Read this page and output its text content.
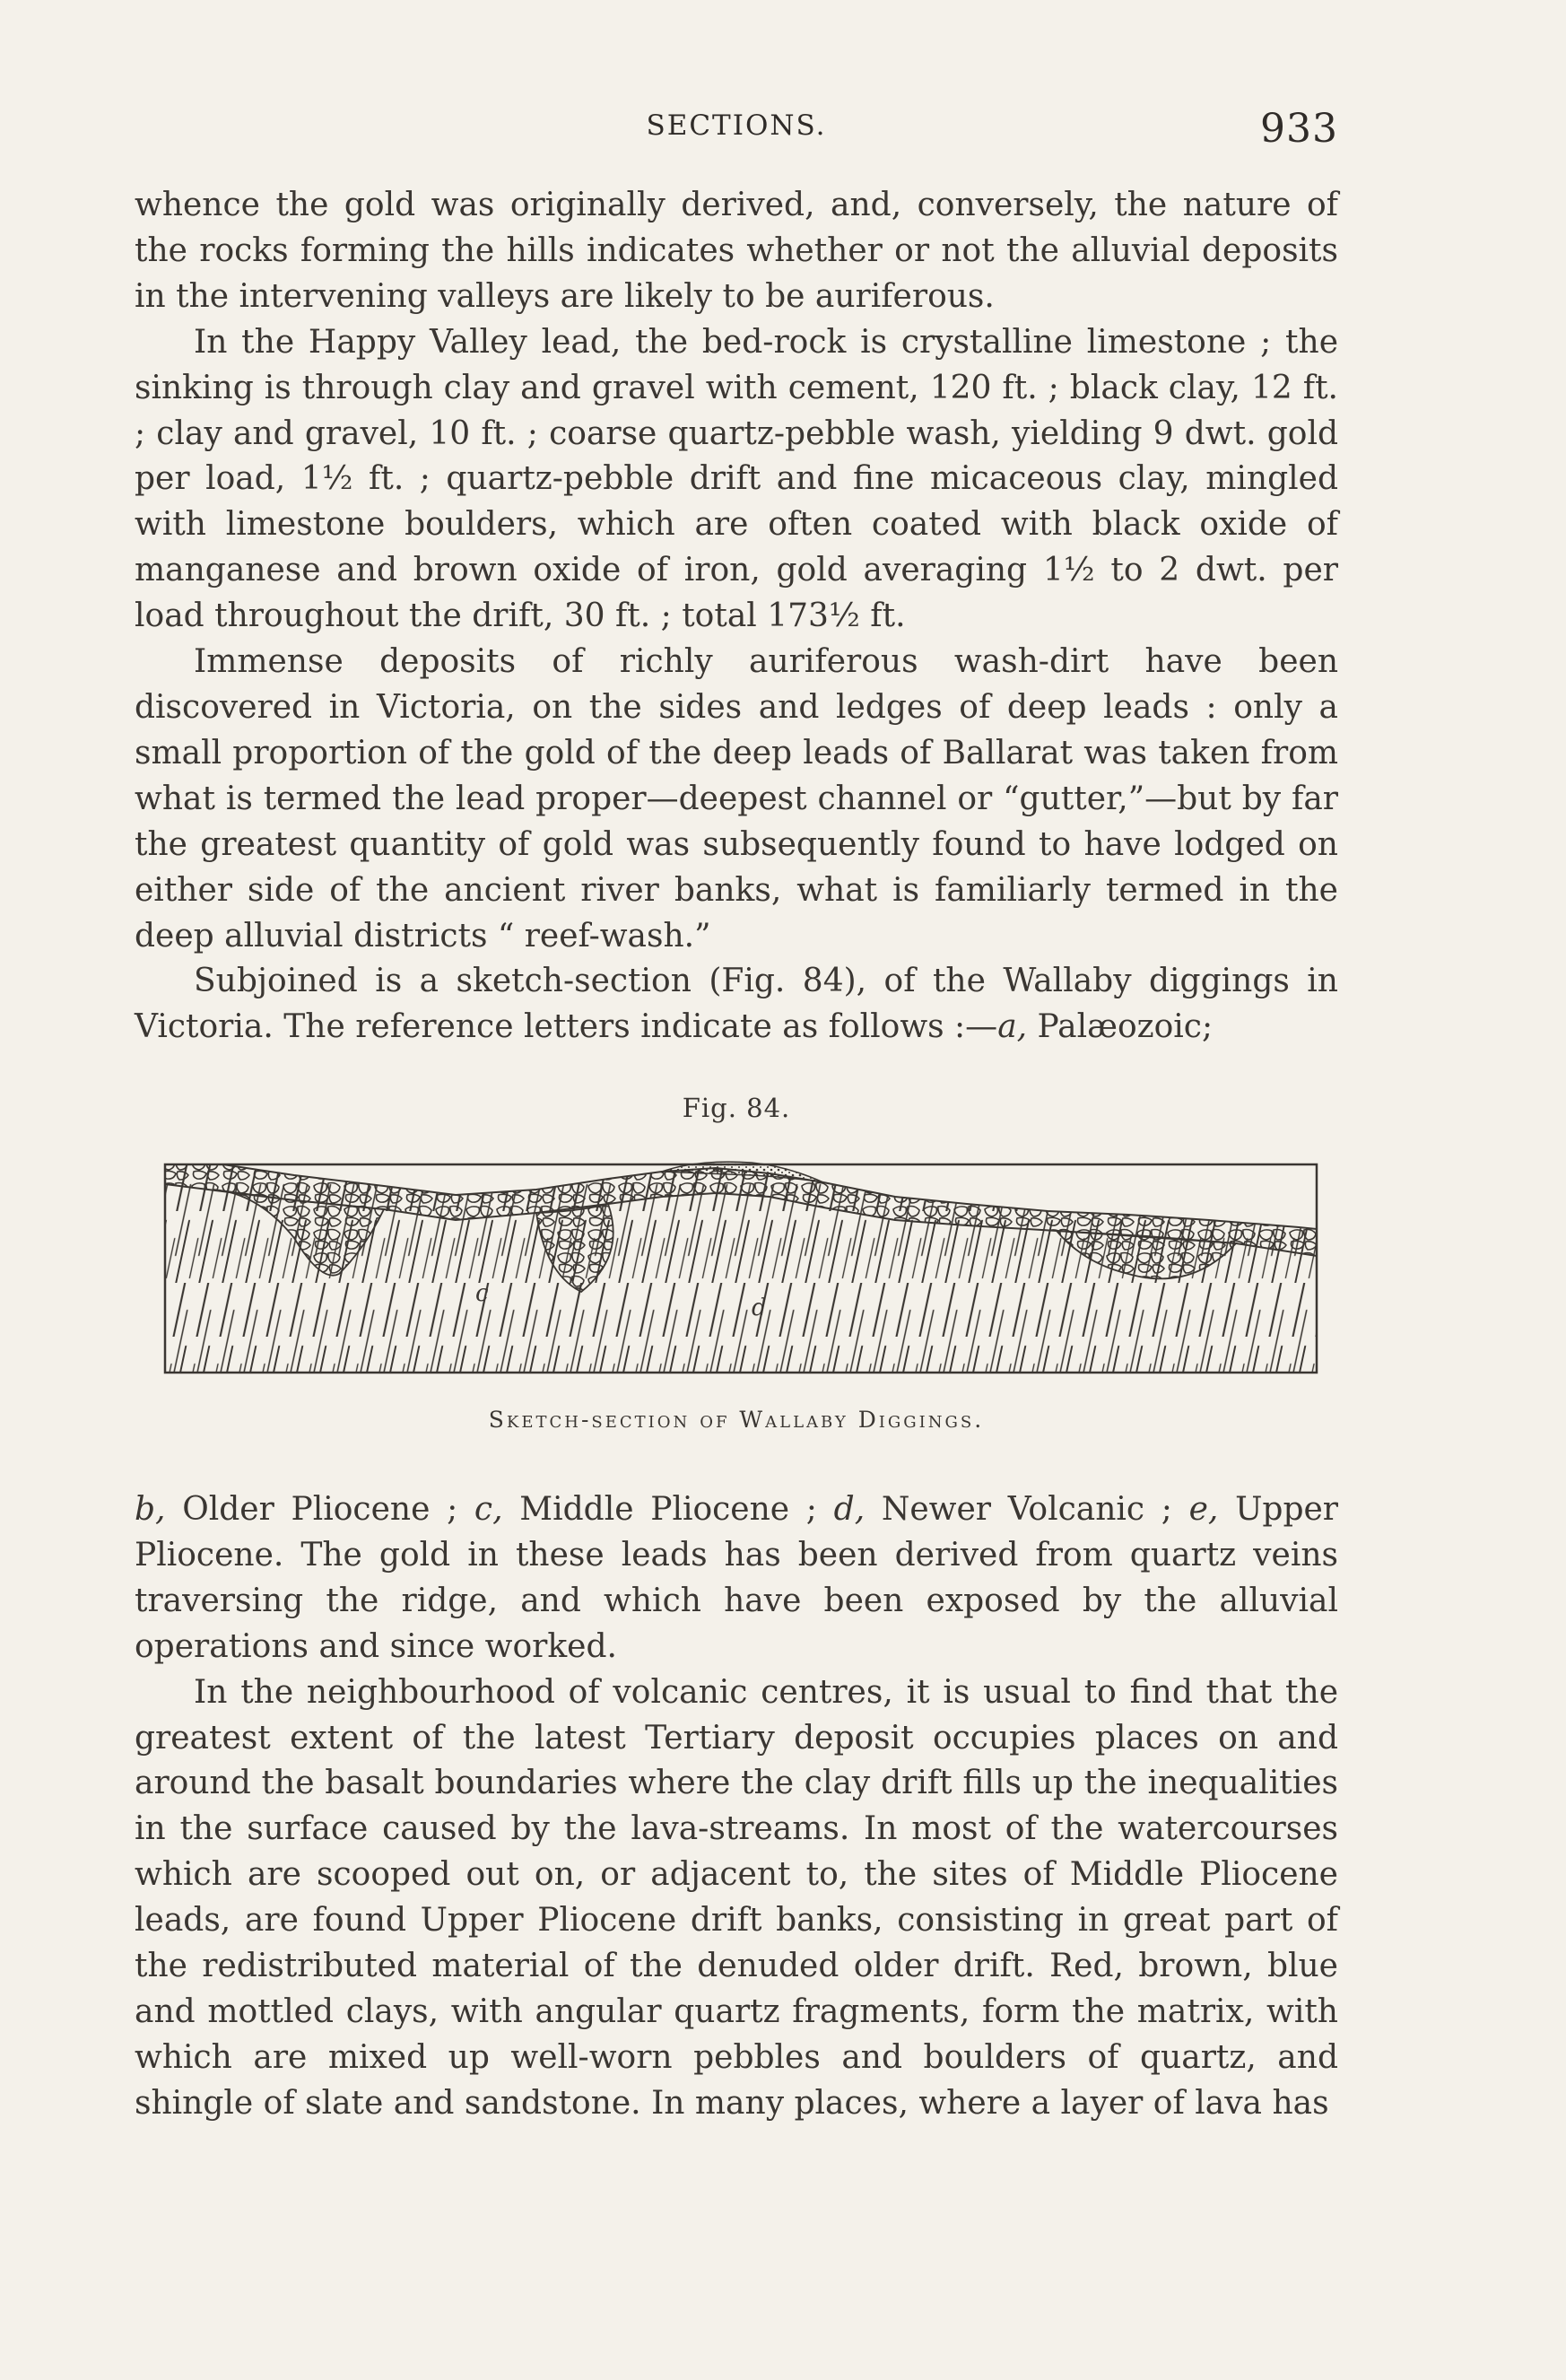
SECTIONS.	933

whence the gold was originally derived, and, conversely, the nature of the rocks forming the hills indicates whether or not the alluvial deposits in the intervening valleys are likely to be auriferous.

In the Happy Valley lead, the bed-rock is crystalline limestone ; the sinking is through clay and gravel with cement, 120 ft. ; black clay, 12 ft. ; clay and gravel, 10 ft. ; coarse quartz-pebble wash, yielding 9 dwt. gold per load, 1½ ft. ; quartz-pebble drift and fine micaceous clay, mingled with limestone boulders, which are often coated with black oxide of manganese and brown oxide of iron, gold averaging 1½ to 2 dwt. per load throughout the drift, 30 ft. ; total 173½ ft.

Immense deposits of richly auriferous wash-dirt have been discovered in Victoria, on the sides and ledges of deep leads : only a small proportion of the gold of the deep leads of Ballarat was taken from what is termed the lead proper—deepest channel or “gutter,”—but by far the greatest quantity of gold was subsequently found to have lodged on either side of the ancient river banks, what is familiarly termed in the deep alluvial districts “ reef-wash.”

Subjoined is a sketch-section (Fig. 84), of the Wallaby diggings in Victoria. The reference letters indicate as follows :—a, Palæozoic;

Fig. 84.
c
d
Sketch-section of Wallaby Diggings.

b, Older Pliocene ; c, Middle Pliocene ; d, Newer Volcanic ; e, Upper Pliocene. The gold in these leads has been derived from quartz veins traversing the ridge, and which have been exposed by the alluvial operations and since worked.

In the neighbourhood of volcanic centres, it is usual to find that the greatest extent of the latest Tertiary deposit occupies places on and around the basalt boundaries where the clay drift fills up the inequalities in the surface caused by the lava-streams. In most of the watercourses which are scooped out on, or adjacent to, the sites of Middle Pliocene leads, are found Upper Pliocene drift banks, consisting in great part of the redistributed material of the denuded older drift. Red, brown, blue and mottled clays, with angular quartz fragments, form the matrix, with which are mixed up well-worn pebbles and boulders of quartz, and shingle of slate and sandstone. In many places, where a layer of lava has
